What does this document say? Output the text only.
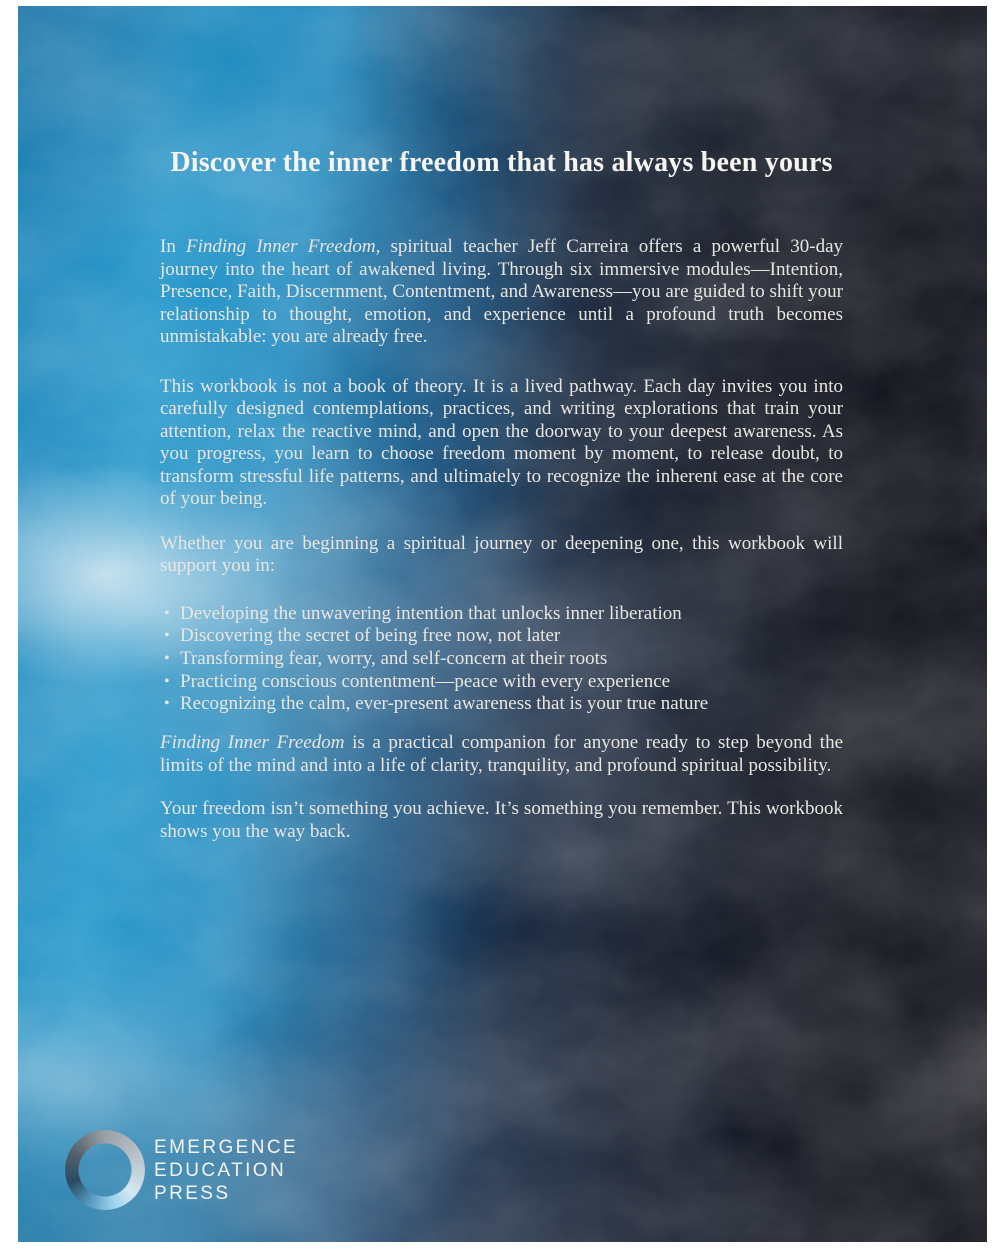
Discover the inner freedom that has always been yours

In Finding Inner Freedom, spiritual teacher Jeff Carreira offers a powerful 30-day journey into the heart of awakened living. Through six immersive modules—Intention, Presence, Faith, Discernment, Contentment, and Awareness—you are guided to shift your relationship to thought, emotion, and experience until a profound truth becomes unmistakable: you are already free.

This workbook is not a book of theory. It is a lived pathway. Each day invites you into carefully designed contemplations, practices, and writing explorations that train your attention, relax the reactive mind, and open the doorway to your deepest awareness. As you progress, you learn to choose freedom moment by moment, to release doubt, to transform stressful life patterns, and ultimately to recognize the inherent ease at the core of your being.

Whether you are beginning a spiritual journey or deepening one, this workbook will support you in:

• Developing the unwavering intention that unlocks inner liberation
• Discovering the secret of being free now, not later
• Transforming fear, worry, and self-concern at their roots
• Practicing conscious contentment—peace with every experience
• Recognizing the calm, ever-present awareness that is your true nature

Finding Inner Freedom is a practical companion for anyone ready to step beyond the limits of the mind and into a life of clarity, tranquility, and profound spiritual possibility.

Your freedom isn’t something you achieve. It’s something you remember. This workbook shows you the way back.

EMERGENCE
EDUCATION
PRESS
